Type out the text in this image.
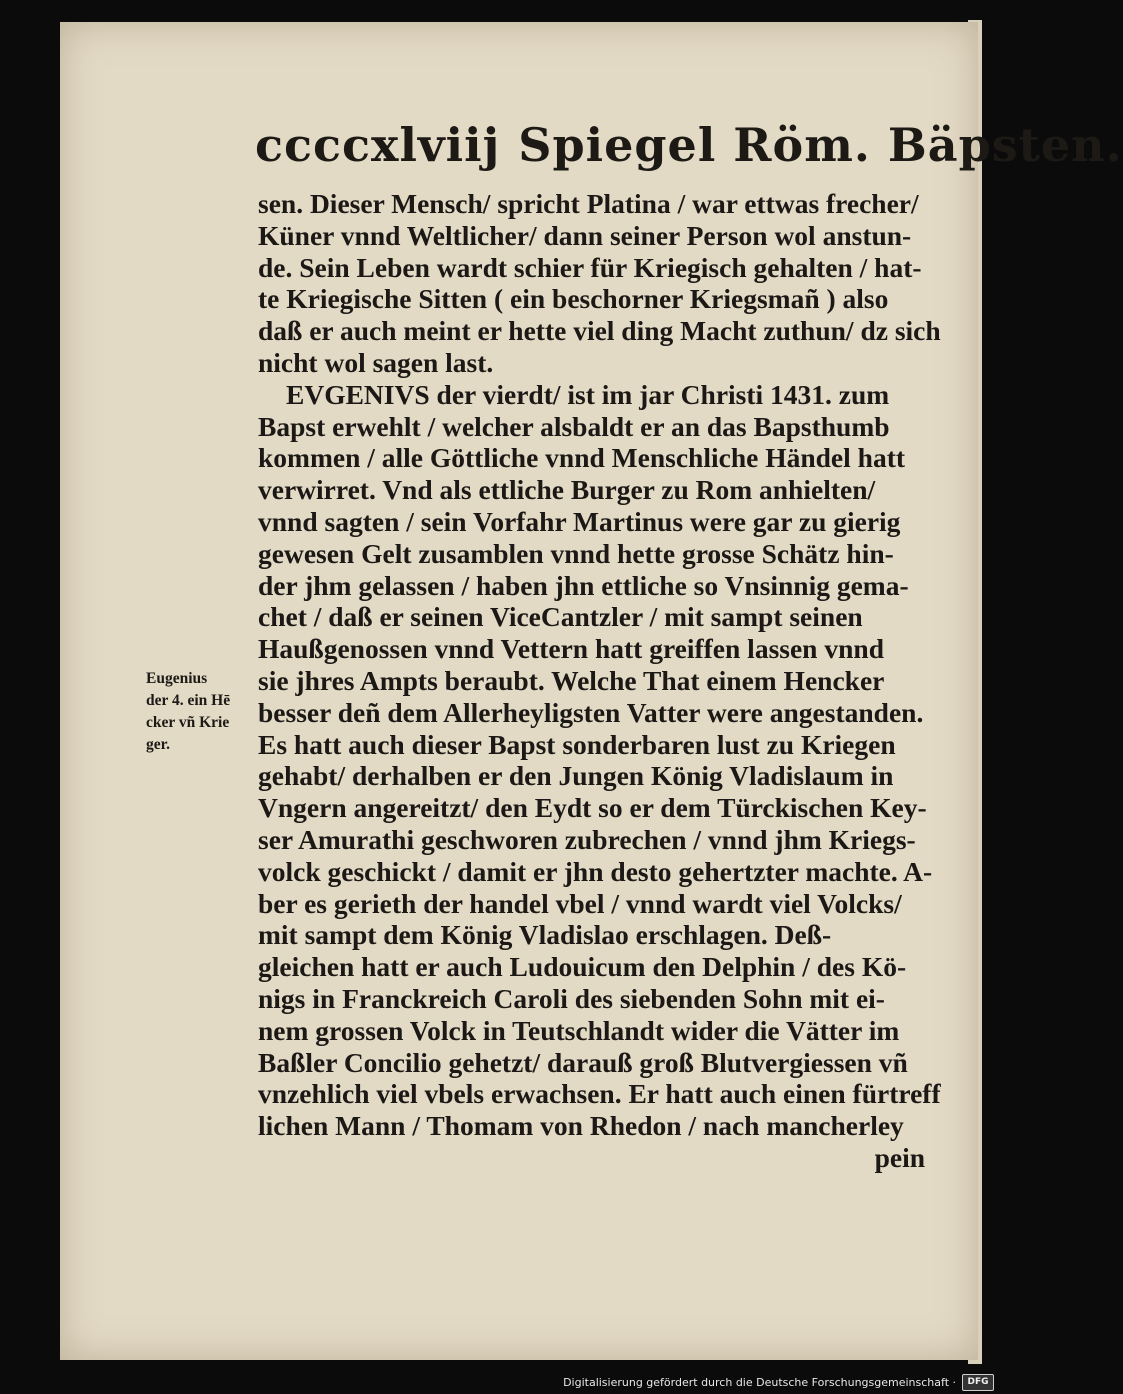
ccccxlviij Spiegel Röm. Bäpsten.
Eugenius
der 4. ein Hē
cker vñ Krie
ger.
sen. Dieser Mensch/ spricht Platina / war ettwas frecher/
Küner vnnd Weltlicher/ dann seiner Person wol anstun-
de. Sein Leben wardt schier für Kriegisch gehalten / hat-
te Kriegische Sitten ( ein beschorner Kriegsmañ ) also
daß er auch meint er hette viel ding Macht zuthun/ dz sich
nicht wol sagen last.
EVGENIVS der vierdt/ ist im jar Christi 1431. zum
Bapst erwehlt / welcher alsbaldt er an das Bapsthumb
kommen / alle Göttliche vnnd Menschliche Händel hatt
verwirret. Vnd als ettliche Burger zu Rom anhielten/
vnnd sagten / sein Vorfahr Martinus were gar zu gierig
gewesen Gelt zusamblen vnnd hette grosse Schätz hin-
der jhm gelassen / haben jhn ettliche so Vnsinnig gema-
chet / daß er seinen ViceCantzler / mit sampt seinen
Haußgenossen vnnd Vettern hatt greiffen lassen vnnd
sie jhres Ampts beraubt. Welche That einem Hencker
besser deñ dem Allerheyligsten Vatter were angestanden.
Es hatt auch dieser Bapst sonderbaren lust zu Kriegen
gehabt/ derhalben er den Jungen König Vladislaum in
Vngern angereitzt/ den Eydt so er dem Türckischen Key-
ser Amurathi geschworen zubrechen / vnnd jhm Kriegs-
volck geschickt / damit er jhn desto gehertzter machte. A-
ber es gerieth der handel vbel / vnnd wardt viel Volcks/
mit sampt dem König Vladislao erschlagen. Deß-
gleichen hatt er auch Ludouicum den Delphin / des Kö-
nigs in Franckreich Caroli des siebenden Sohn mit ei-
nem grossen Volck in Teutschlandt wider die Vätter im
Baßler Concilio gehetzt/ darauß groß Blutvergiessen vñ
vnzehlich viel vbels erwachsen. Er hatt auch einen fürtreff
lichen Mann / Thomam von Rhedon / nach mancherley
pein
Digitalisierung gefördert durch die Deutsche Forschungsgemeinschaft ·	DFG
